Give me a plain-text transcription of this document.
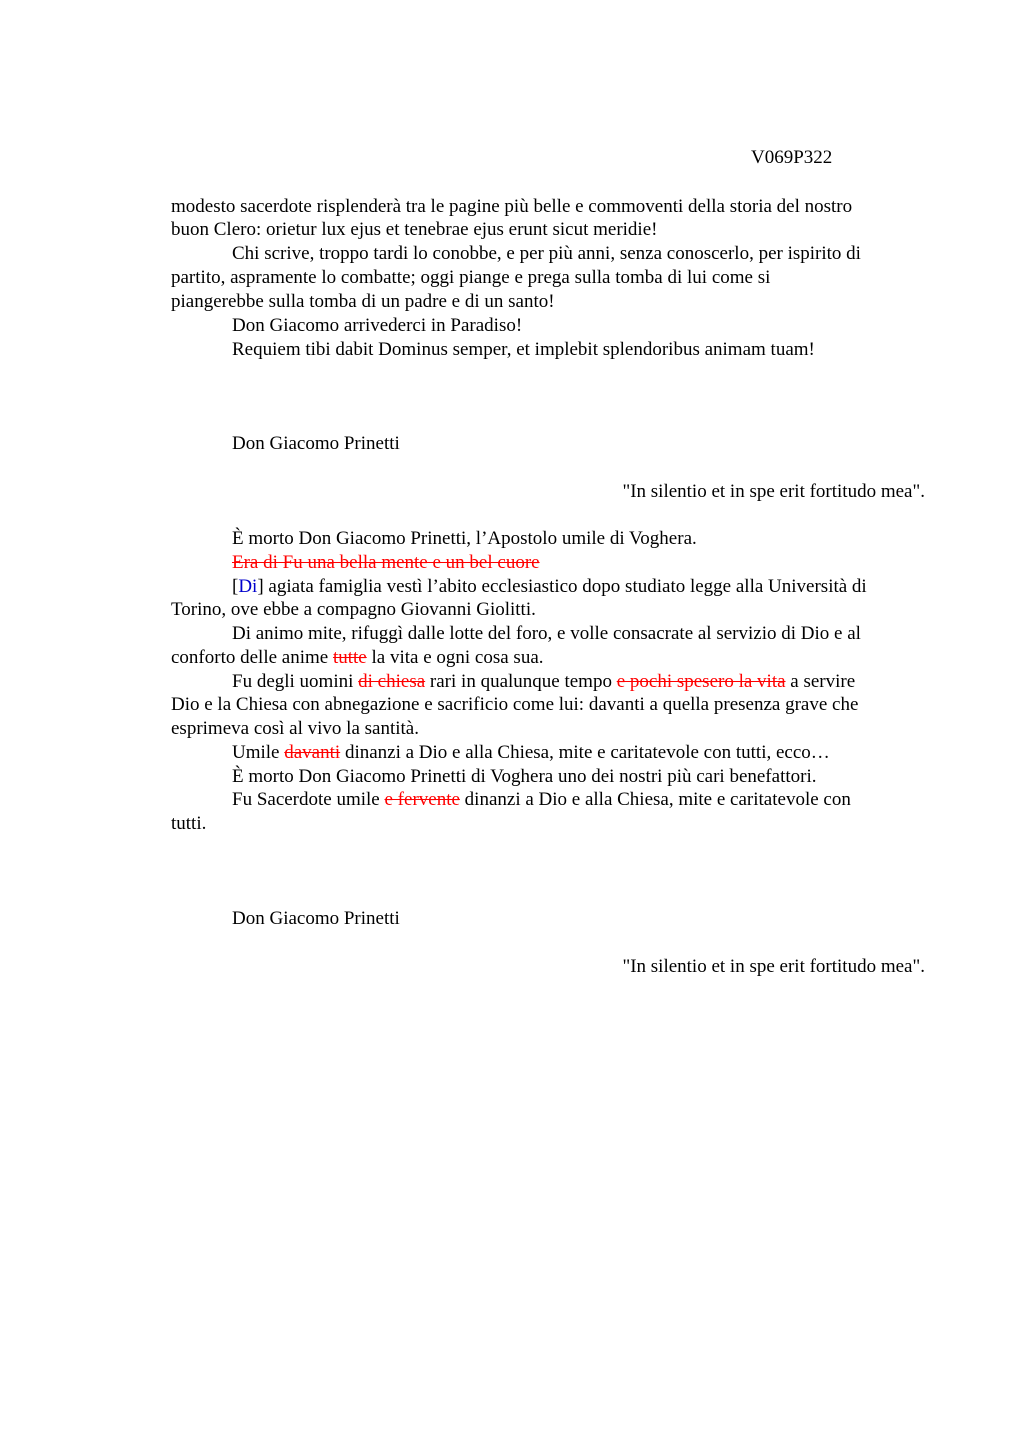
V069P322
modesto sacerdote risplenderà tra le pagine più belle e commoventi della storia del nostro
buon Clero: orietur lux ejus et tenebrae ejus erunt sicut meridie!
Chi scrive, troppo tardi lo conobbe, e per più anni, senza conoscerlo, per ispirito di
partito, aspramente lo combatte; oggi piange e prega sulla tomba di lui come si
piangerebbe sulla tomba di un padre e di un santo!
Don Giacomo arrivederci in Paradiso!
Requiem tibi dabit Dominus semper, et implebit splendoribus animam tuam!
Don Giacomo Prinetti
"In silentio et in spe erit fortitudo mea".
È morto Don Giacomo Prinetti, l’Apostolo umile di Voghera.
Era di Fu una bella mente e un bel cuore
[Di] agiata famiglia vestì l’abito ecclesiastico dopo studiato legge alla Università di
Torino, ove ebbe a compagno Giovanni Giolitti.
Di animo mite, rifuggì dalle lotte del foro, e volle consacrate al servizio di Dio e al
conforto delle anime tutte la vita e ogni cosa sua.
Fu degli uomini di chiesa rari in qualunque tempo e pochi spesero la vita a servire
Dio e la Chiesa con abnegazione e sacrificio come lui: davanti a quella presenza grave che
esprimeva così al vivo la santità.
Umile davanti dinanzi a Dio e alla Chiesa, mite e caritatevole con tutti, ecco…
È morto Don Giacomo Prinetti di Voghera uno dei nostri più cari benefattori.
Fu Sacerdote umile e fervente dinanzi a Dio e alla Chiesa, mite e caritatevole con
tutti.
Don Giacomo Prinetti
"In silentio et in spe erit fortitudo mea".
